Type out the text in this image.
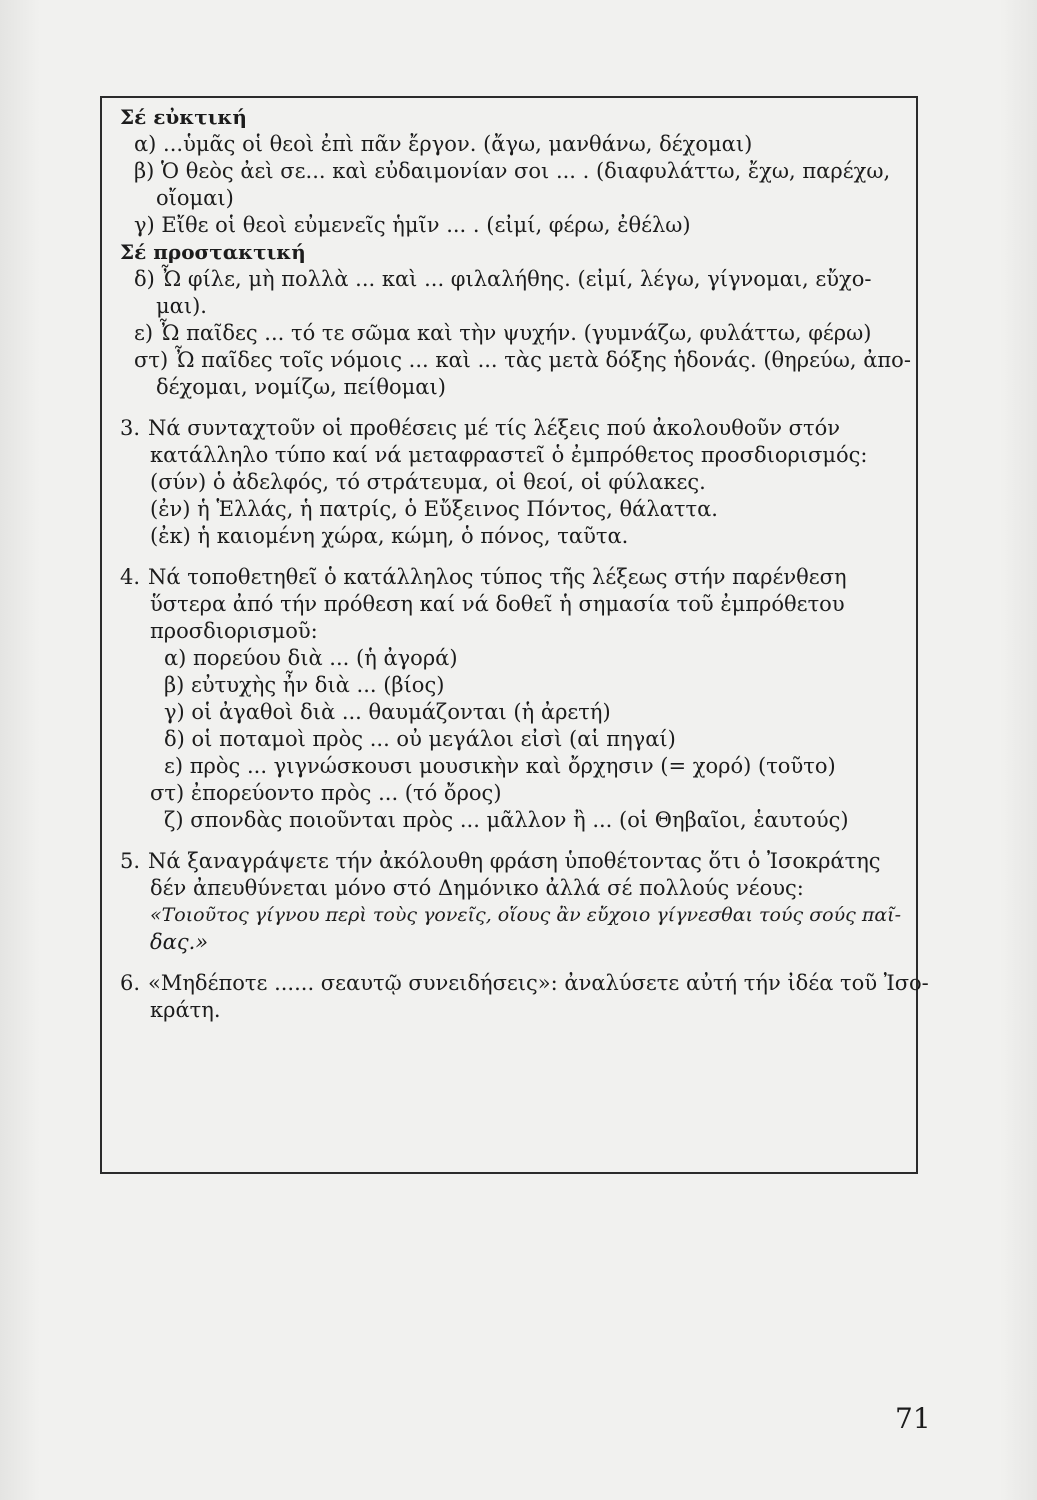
Σέ εὐκτική
α) ...ὑμᾶς οἱ θεοὶ ἐπὶ πᾶν ἔργον. (ἄγω, μανθάνω, δέχομαι)
β) Ὁ θεὸς ἀεὶ σε... καὶ εὐδαιμονίαν σοι ... . (διαφυλάττω, ἔχω, παρέχω,
οἴομαι)
γ) Εἴθε οἱ θεοὶ εὐμενεῖς ἡμῖν ... . (εἰμί, φέρω, ἐθέλω)
Σέ προστακτική
δ) Ὦ φίλε, μὴ πολλὰ ... καὶ ... φιλαλήθης. (εἰμί, λέγω, γίγνομαι, εὔχο-
μαι).
ε) Ὦ παῖδες ... τό τε σῶμα καὶ τὴν ψυχήν. (γυμνάζω, φυλάττω, φέρω)
στ) Ὦ παῖδες τοῖς νόμοις ... καὶ ... τὰς μετὰ δόξης ἡδονάς. (θηρεύω, ἀπο-
δέχομαι, νομίζω, πείθομαι)
3. Νά συνταχτοῦν οἱ προθέσεις μέ τίς λέξεις πού ἀκολουθοῦν στόν
κατάλληλο τύπο καί νά μεταφραστεῖ ὁ ἐμπρόθετος προσδιορισμός:
(σύν) ὁ ἀδελφός, τό στράτευμα, οἱ θεοί, οἱ φύλακες.
(ἐν) ἡ Ἑλλάς, ἡ πατρίς, ὁ Εὔξεινος Πόντος, θάλαττα.
(ἐκ) ἡ καιομένη χώρα, κώμη, ὁ πόνος, ταῦτα.
4. Νά τοποθετηθεῖ ὁ κατάλληλος τύπος τῆς λέξεως στήν παρένθεση
ὕστερα ἀπό τήν πρόθεση καί νά δοθεῖ ἡ σημασία τοῦ ἐμπρόθετου
προσδιορισμοῦ:
α) πορεύου διὰ ... (ἡ ἀγορά)
β) εὐτυχὴς ἦν διὰ ... (βίος)
γ) οἱ ἀγαθοὶ διὰ ... θαυμάζονται (ἡ ἀρετή)
δ) οἱ ποταμοὶ πρὸς ... οὐ μεγάλοι εἰσὶ (αἱ πηγαί)
ε) πρὸς ... γιγνώσκουσι μουσικὴν καὶ ὄρχησιν (= χορό) (τοῦτο)
στ) ἐπορεύοντο πρὸς ... (τό ὄρος)
ζ) σπονδὰς ποιοῦνται πρὸς ... μᾶλλον ἢ ... (οἱ Θηβαῖοι, ἑαυτούς)
5. Νά ξαναγράψετε τήν ἀκόλουθη φράση ὑποθέτοντας ὅτι ὁ Ἰσοκράτης
δέν ἀπευθύνεται μόνο στό Δημόνικο ἀλλά σέ πολλούς νέους:
«Τοιοῦτος γίγνου περὶ τοὺς γονεῖς, οἵους ἂν εὔχοιο γίγνεσθαι τούς σούς παῖ-
δας.»
6. «Μηδέποτε ...... σεαυτῷ συνειδήσεις»: ἀναλύσετε αὐτή τήν ἰδέα τοῦ Ἰσο-
κράτη.
71
